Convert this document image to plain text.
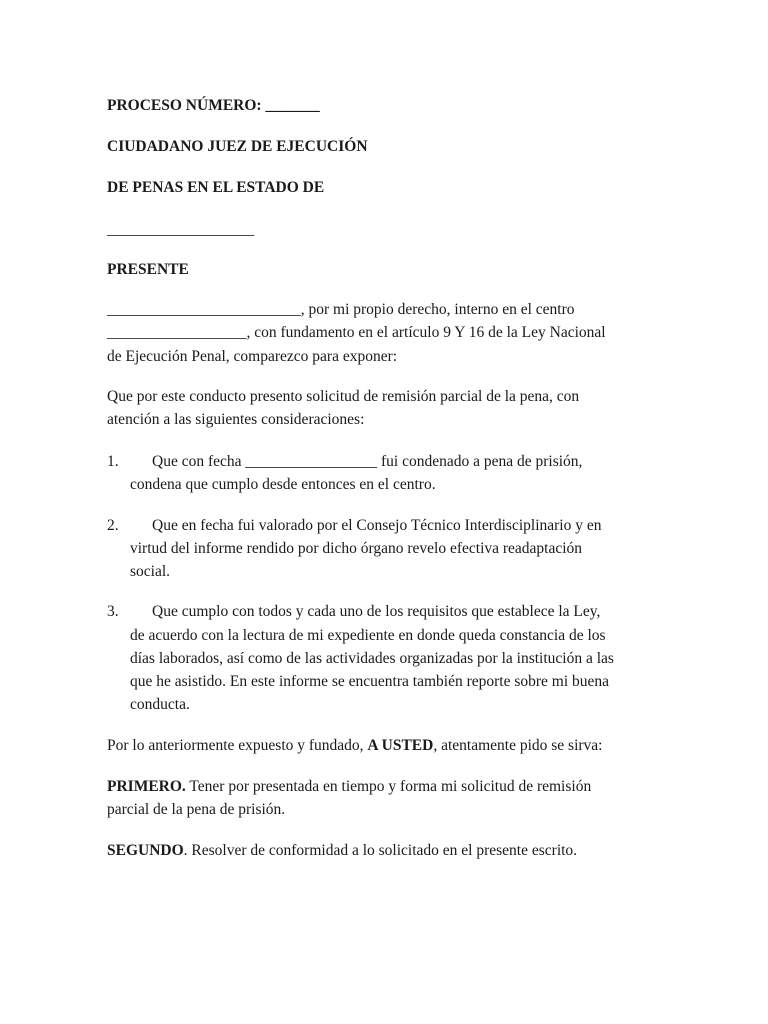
PROCESO NÚMERO: _______
CIUDADANO JUEZ DE EJECUCIÓN
DE PENAS EN EL ESTADO DE
___________________
PRESENTE
_________________________, por mi propio derecho, interno en el centro
__________________, con fundamento en el artículo 9 Y 16 de la Ley Nacional
de Ejecución Penal, comparezco para exponer:
Que por este conducto presento solicitud de remisión parcial de la pena, con
atención a las siguientes consideraciones:
1. Que con fecha _________________ fui condenado a pena de prisión,
condena que cumplo desde entonces en el centro.
2. Que en fecha fui valorado por el Consejo Técnico Interdisciplinario y en
virtud del informe rendido por dicho órgano revelo efectiva readaptación
social.
3. Que cumplo con todos y cada uno de los requisitos que establece la Ley,
de acuerdo con la lectura de mi expediente en donde queda constancia de los
días laborados, así como de las actividades organizadas por la institución a las
que he asistido. En este informe se encuentra también reporte sobre mi buena
conducta.
Por lo anteriormente expuesto y fundado, A USTED, atentamente pido se sirva:
PRIMERO. Tener por presentada en tiempo y forma mi solicitud de remisión
parcial de la pena de prisión.
SEGUNDO. Resolver de conformidad a lo solicitado en el presente escrito.
